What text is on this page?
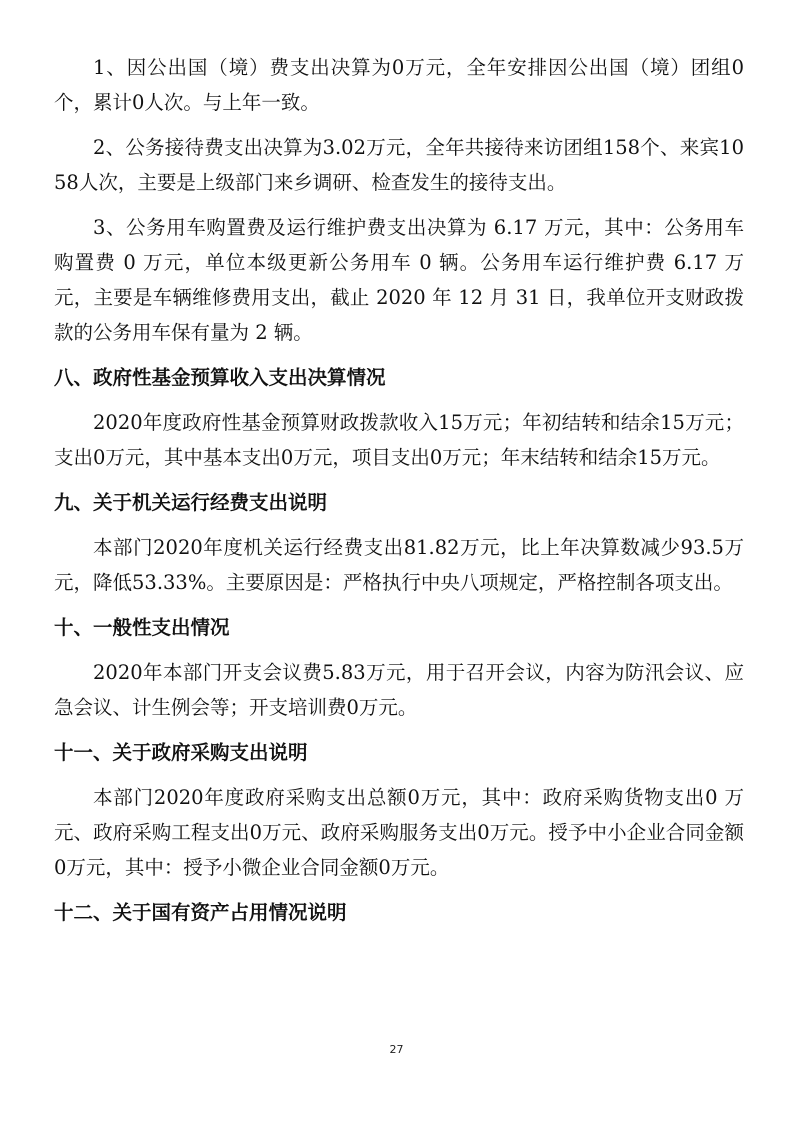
1、因公出国（境）费支出决算为0万元，全年安排因公出国（境）团组0个，累计0人次。与上年一致。

2、公务接待费支出决算为3.02万元，全年共接待来访团组158个、来宾1058人次，主要是上级部门来乡调研、检查发生的接待支出。

3、公务用车购置费及运行维护费支出决算为 6.17 万元，其中：公务用车购置费 0 万元，单位本级更新公务用车 0 辆。公务用车运行维护费 6.17 万元，主要是车辆维修费用支出，截止 2020 年 12 月 31 日，我单位开支财政拨款的公务用车保有量为 2 辆。

八、政府性基金预算收入支出决算情况

2020年度政府性基金预算财政拨款收入15万元；年初结转和结余15万元；支出0万元，其中基本支出0万元，项目支出0万元；年末结转和结余15万元。

九、关于机关运行经费支出说明

本部门2020年度机关运行经费支出81.82万元，比上年决算数减少93.5万元，降低53.33%。主要原因是：严格执行中央八项规定，严格控制各项支出。

十、一般性支出情况

2020年本部门开支会议费5.83万元，用于召开会议，内容为防汛会议、应急会议、计生例会等；开支培训费0万元。

十一、关于政府采购支出说明

本部门2020年度政府采购支出总额0万元，其中：政府采购货物支出0 万元、政府采购工程支出0万元、政府采购服务支出0万元。授予中小企业合同金额0万元，其中：授予小微企业合同金额0万元。

十二、关于国有资产占用情况说明
27
